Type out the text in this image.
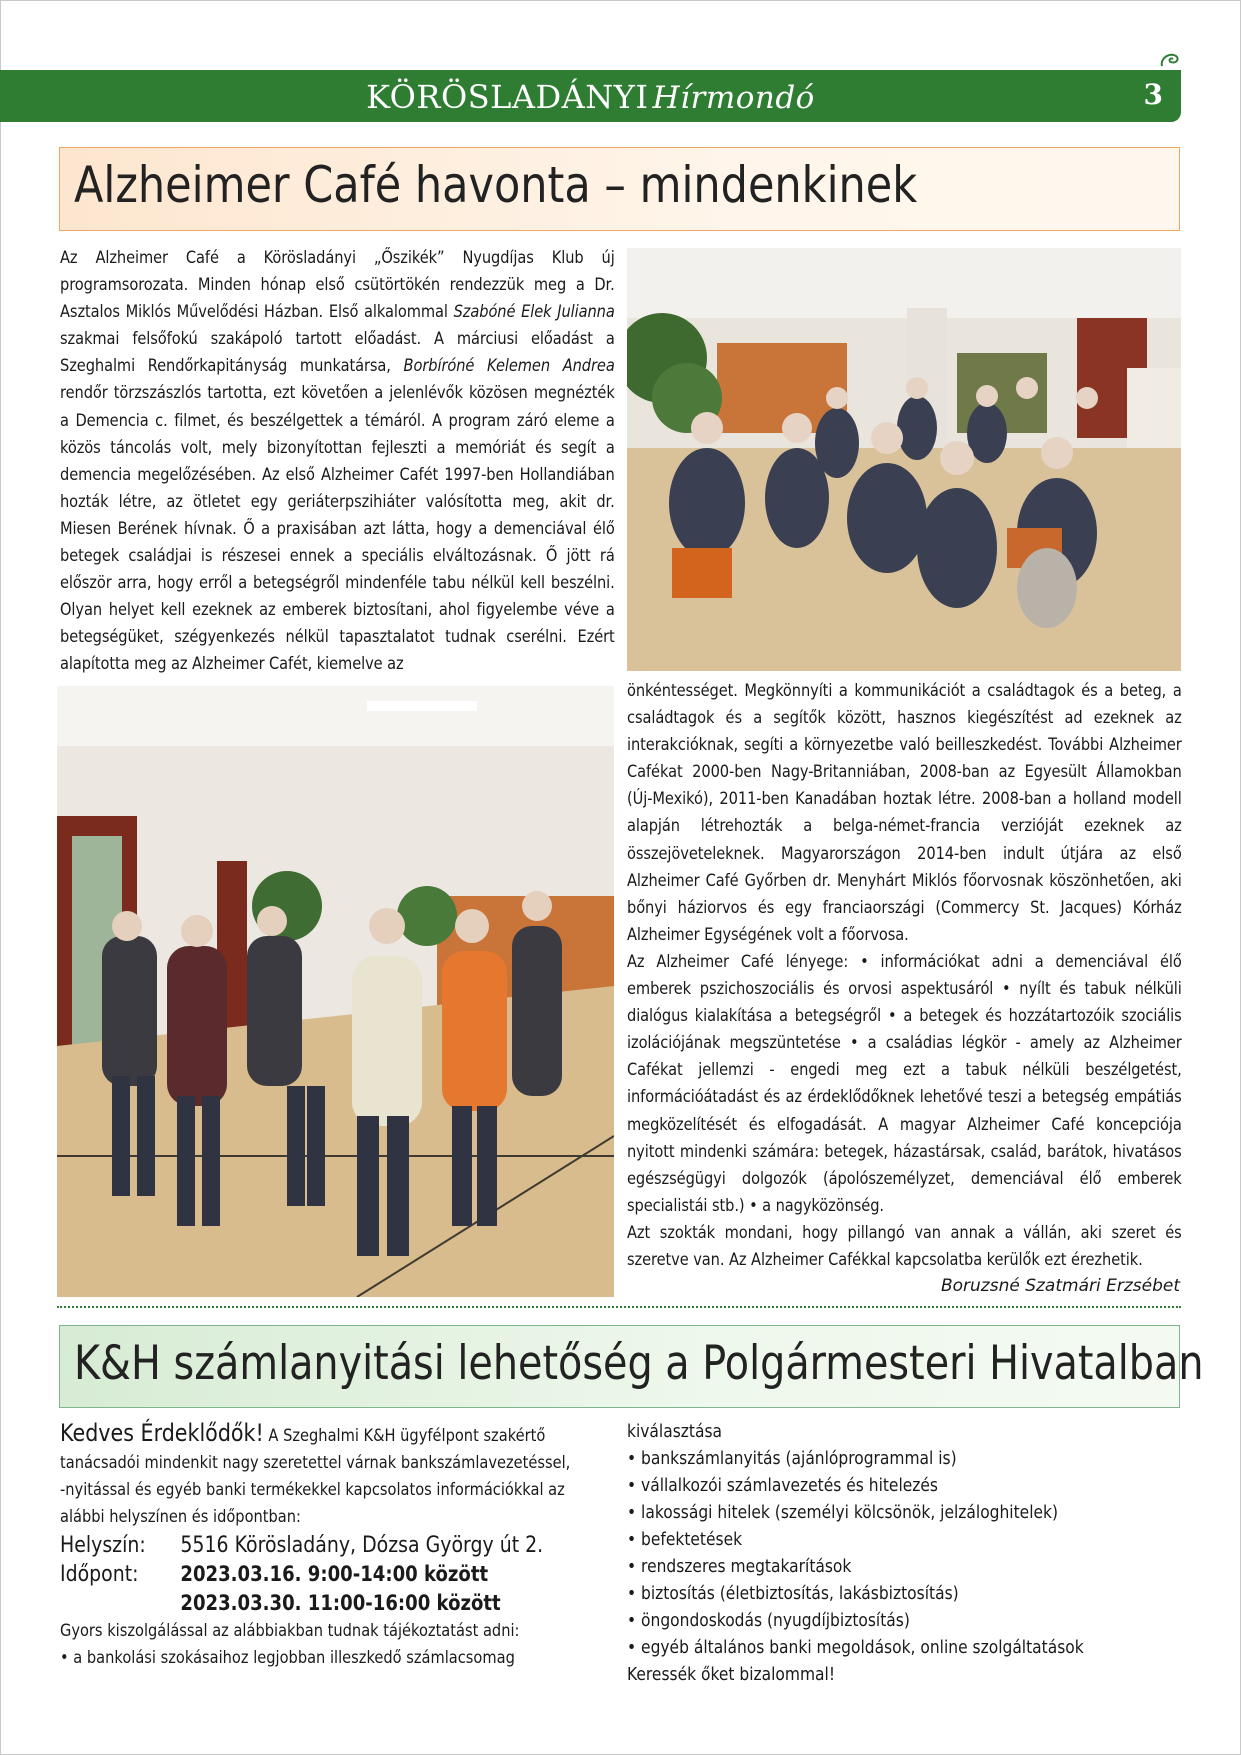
KÖRÖSLADÁNYI Hírmondó	3
Alzheimer Café havonta – mindenkinek

Az Alzheimer Café a Körösladányi „Őszikék” Nyugdíjas Klub új programsorozata. Minden hónap első csütörtökén rendezzük meg a Dr. Asztalos Miklós Művelődési Házban. Első alkalommal Szabóné Elek Julianna szakmai felsőfokú szakápoló tartott előadást. A márciusi előadást a Szeghalmi Rendőrkapitányság munkatársa, Borbíróné Kelemen Andrea rendőr törzszászlós tartotta, ezt követően a jelenlévők közösen megnézték a Demencia c. filmet, és beszélgettek a témáról. A program záró eleme a közös táncolás volt, mely bizonyítottan fejleszti a memóriát és segít a demencia megelőzésében. Az első Alzheimer Cafét 1997-ben Hollandiában hozták létre, az ötletet egy geriáterpszihiáter valósította meg, akit dr. Miesen Berének hívnak. Ő a praxisában azt látta, hogy a demenciával élő betegek családjai is részesei ennek a speciális elváltozásnak. Ő jött rá először arra, hogy erről a betegségről mindenféle tabu nélkül kell beszélni. Olyan helyet kell ezeknek az emberek biztosítani, ahol figyelembe véve a betegségüket, szégyenkezés nélkül tapasztalatot tudnak cserélni. Ezért alapította meg az Alzheimer Cafét, kiemelve az

önkéntességet. Megkönnyíti a kommunikációt a családtagok és a beteg, a családtagok és a segítők között, hasznos kiegészítést ad ezeknek az interakcióknak, segíti a környezetbe való beilleszkedést. További Alzheimer Cafékat 2000-ben Nagy-Britanniában, 2008-ban az Egyesült Államokban (Új-Mexikó), 2011-ben Kanadában hoztak létre. 2008-ban a holland modell alapján létrehozták a belga-német-francia verzióját ezeknek az összejöveteleknek. Magyarországon 2014-ben indult útjára az első Alzheimer Café Győrben dr. Menyhárt Miklós főorvosnak köszönhetően, aki bőnyi háziorvos és egy franciaországi (Commercy St. Jacques) Kórház Alzheimer Egységének volt a főorvosa.

Az Alzheimer Café lényege: • információkat adni a demenciával élő emberek pszichoszociális és orvosi aspektusáról • nyílt és tabuk nélküli dialógus kialakítása a betegségről • a betegek és hozzátartozóik szociális izolációjának megszüntetése • a családias légkör - amely az Alzheimer Cafékat jellemzi - engedi meg ezt a tabuk nélküli beszélgetést, információátadást és az érdeklődőknek lehetővé teszi a betegség empátiás megközelítését és elfogadását. A magyar Alzheimer Café koncepciója nyitott mindenki számára: betegek, házastársak, család, barátok, hivatásos egészségügyi dolgozók (ápolószemélyzet, demenciával élő emberek specialistái stb.) • a nagyközönség.

Azt szokták mondani, hogy pillangó van annak a vállán, aki szeret és szeretve van. Az Alzheimer Cafékkal kapcsolatba kerülők ezt érezhetik.

Boruzsné Szatmári Erzsébet
K&H számlanyitási lehetőség a Polgármesteri Hivatalban
Kedves Érdeklődők! A Szeghalmi K&H ügyfélpont szakértő
tanácsadói mindenkit nagy szeretettel várnak bankszámlavezetéssel,
-nyitással és egyéb banki termékekkel kapcsolatos információkkal az
alábbi helyszínen és időpontban:
Helyszín: 5516 Körösladány, Dózsa György út 2.
Időpont: 2023.03.16. 9:00-14:00 között
2023.03.30. 11:00-16:00 között
Gyors kiszolgálással az alábbiakban tudnak tájékoztatást adni:
• a bankolási szokásaihoz legjobban illeszkedő számlacsomag
kiválasztása
• bankszámlanyitás (ajánlóprogrammal is)
• vállalkozói számlavezetés és hitelezés
• lakossági hitelek (személyi kölcsönök, jelzáloghitelek)
• befektetések
• rendszeres megtakarítások
• biztosítás (életbiztosítás, lakásbiztosítás)
• öngondoskodás (nyugdíjbiztosítás)
• egyéb általános banki megoldások, online szolgáltatások
Keressék őket bizalommal!
